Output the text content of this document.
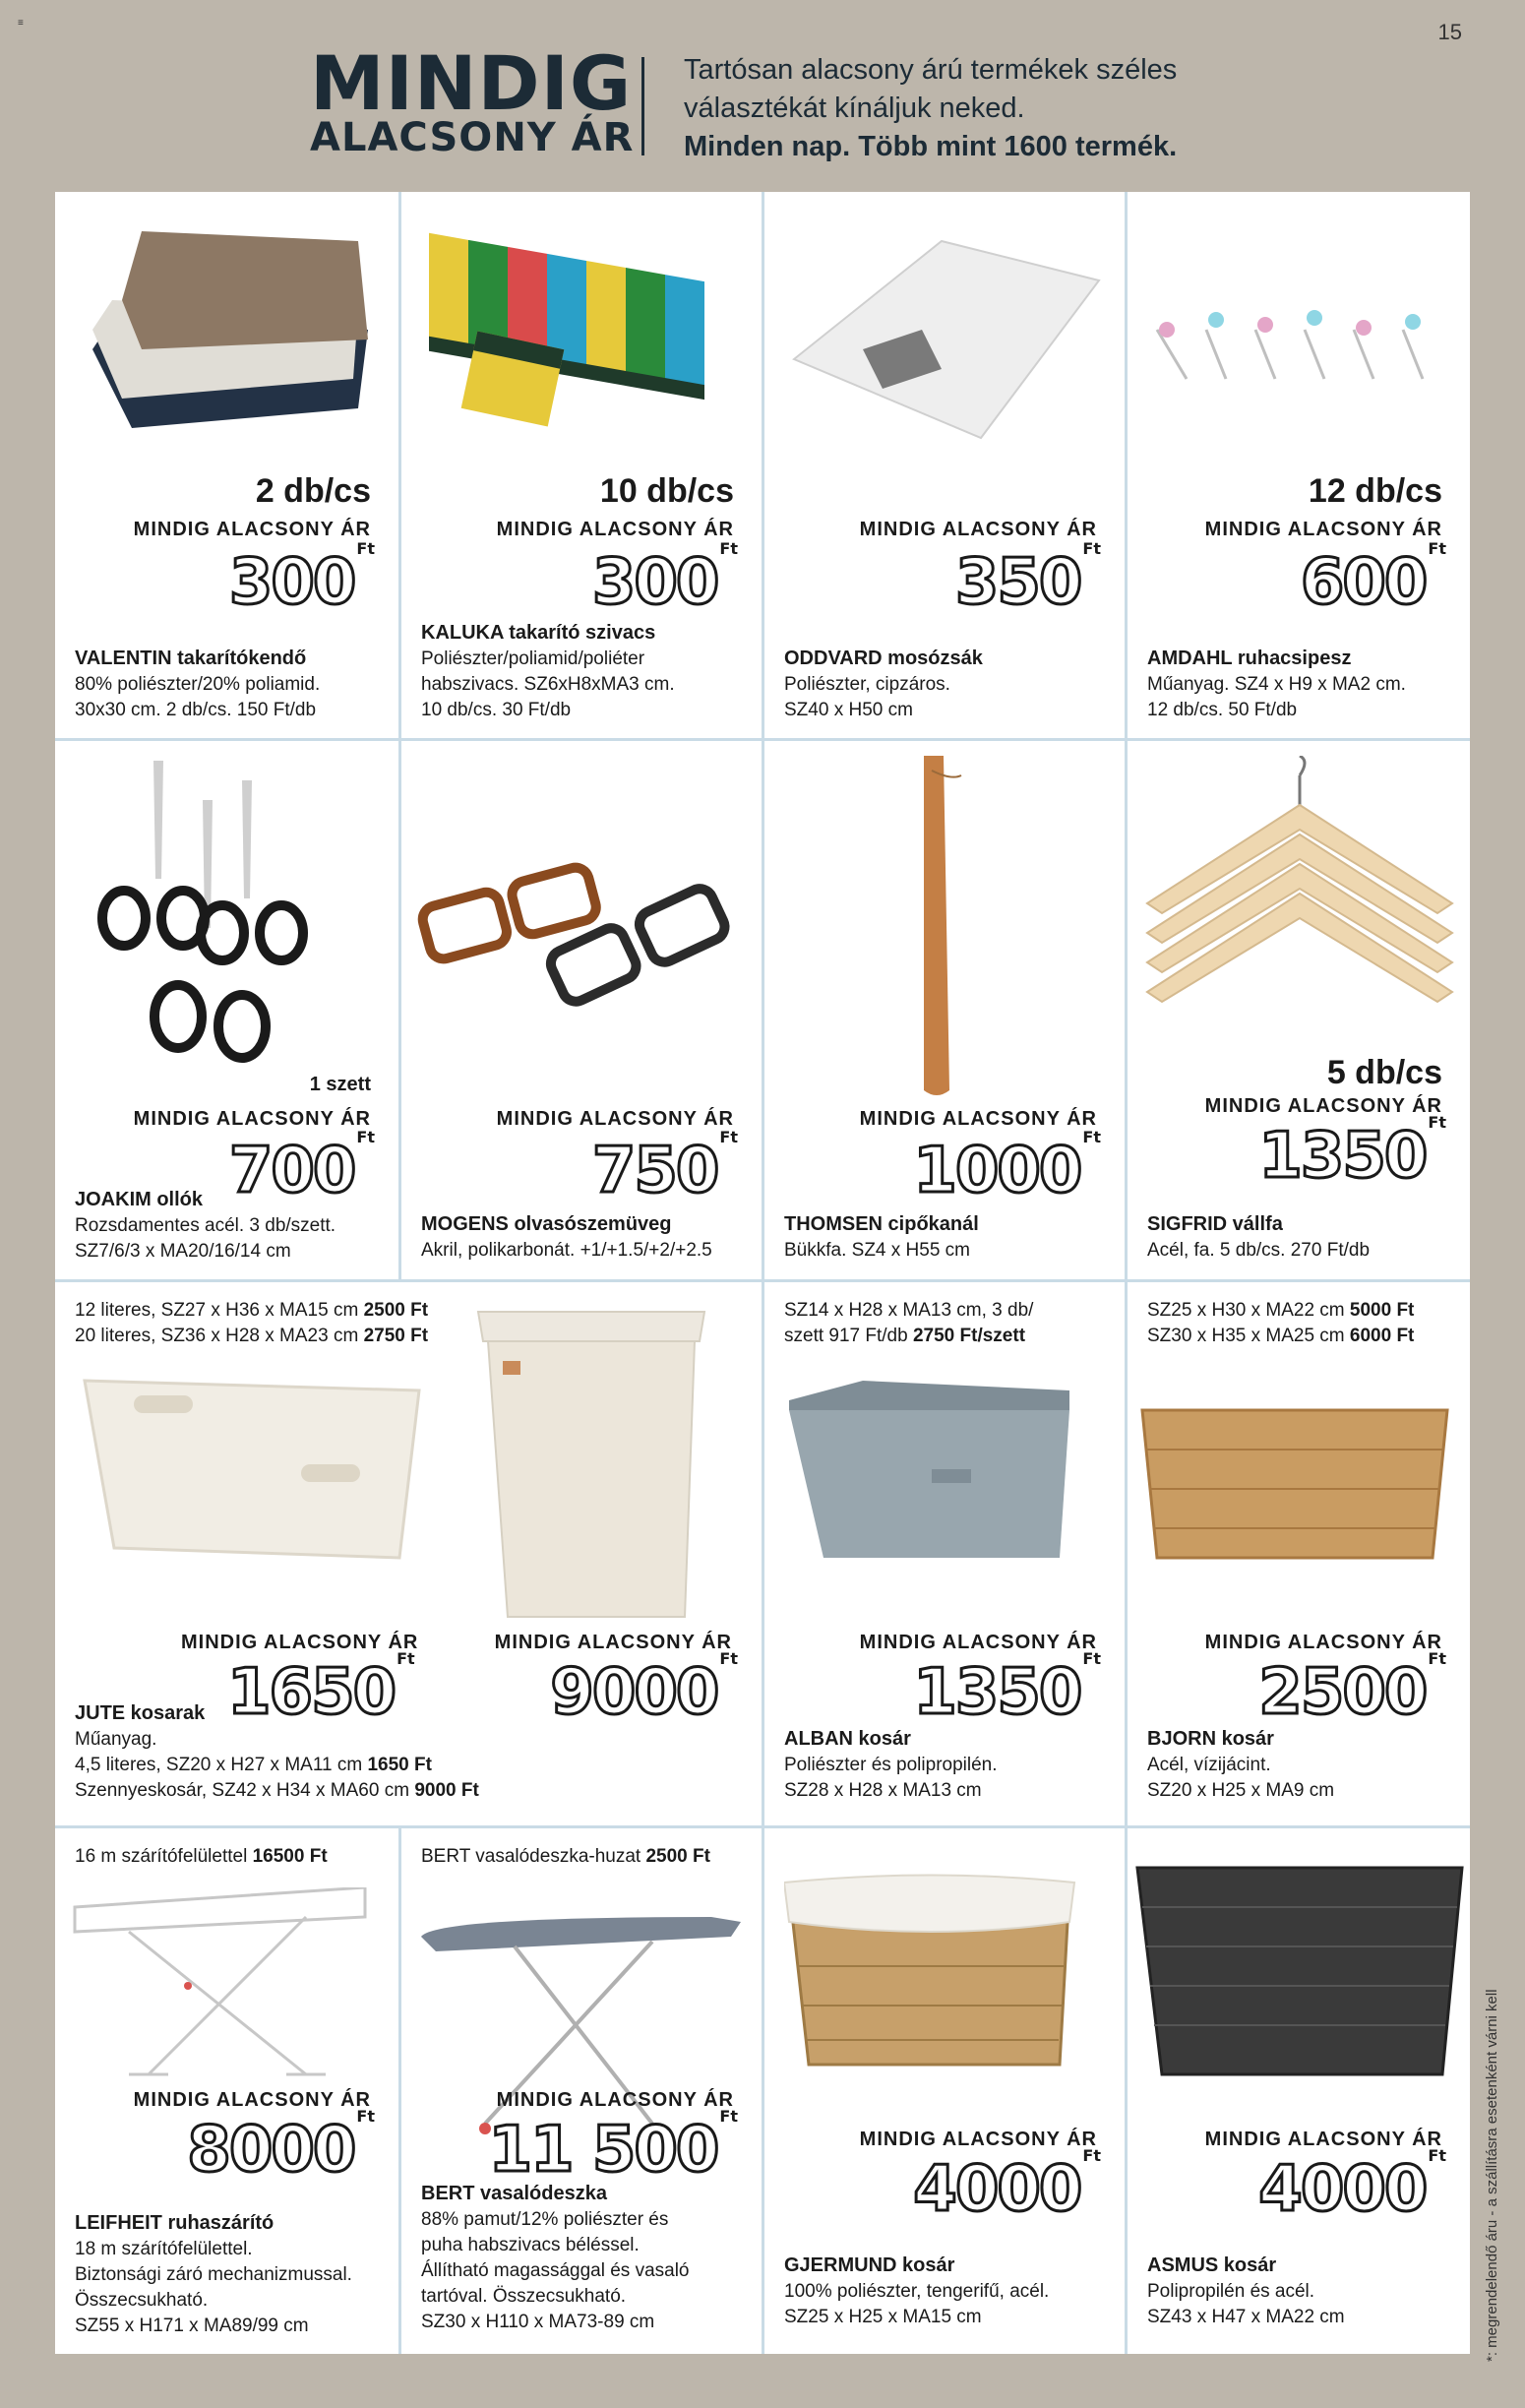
≡	15
MINDIG
ALACSONY ÁR
Tartósan alacsony árú termékek széles
választékát kínáljuk neked.
Minden nap. Több mint 1600 termék.
2 db/cs
MINDIG ALACSONY ÁR
300 $^{Ft}$
VALENTIN takarítókendő
80% poliészter/20% poliamid.
30x30 cm. 2 db/cs. 150 Ft/db
10 db/cs
MINDIG ALACSONY ÁR
300 $^{Ft}$
KALUKA takarító szivacs
Poliészter/poliamid/poliéter
habszivacs. SZ6xH8xMA3 cm.
10 db/cs. 30 Ft/db
MINDIG ALACSONY ÁR
350 $^{Ft}$
ODDVARD mosózsák
Poliészter, cipzáros.
SZ40 x H50 cm
12 db/cs
MINDIG ALACSONY ÁR
600 $^{Ft}$
AMDAHL ruhacsipesz
Műanyag. SZ4 x H9 x MA2 cm.
12 db/cs. 50 Ft/db
1 szett
MINDIG ALACSONY ÁR
700 $^{Ft}$
JOAKIM ollók
Rozsdamentes acél. 3 db/szett.
SZ7/6/3 x MA20/16/14 cm
MINDIG ALACSONY ÁR
750 $^{Ft}$
MOGENS olvasószemüveg
Akril, polikarbonát. +1/+1.5/+2/+2.5
MINDIG ALACSONY ÁR
1000 $^{Ft}$
THOMSEN cipőkanál
Bükkfa. SZ4 x H55 cm
5 db/cs
MINDIG ALACSONY ÁR
1350 $^{Ft}$
SIGFRID vállfa
Acél, fa. 5 db/cs. 270 Ft/db
12 literes, SZ27 x H36 x MA15 cm 2500 Ft
20 literes, SZ36 x H28 x MA23 cm 2750 Ft
MINDIG ALACSONY ÁR	MINDIG ALACSONY ÁR
1650 $^{Ft}$ 9000 $^{Ft}$
JUTE kosarak
Műanyag.
4,5 literes, SZ20 x H27 x MA11 cm 1650 Ft
Szennyeskosár, SZ42 x H34 x MA60 cm 9000 Ft
SZ14 x H28 x MA13 cm, 3 db/
szett 917 Ft/db 2750 Ft/szett
MINDIG ALACSONY ÁR
1350 $^{Ft}$
ALBAN kosár
Poliészter és polipropilén.
SZ28 x H28 x MA13 cm
SZ25 x H30 x MA22 cm 5000 Ft
SZ30 x H35 x MA25 cm 6000 Ft
MINDIG ALACSONY ÁR
2500 $^{Ft}$
BJORN kosár
Acél, vízijácint.
SZ20 x H25 x MA9 cm
16 m szárítófelülettel 16500 Ft
MINDIG ALACSONY ÁR
8000 $^{Ft}$
LEIFHEIT ruhaszárító
18 m szárítófelülettel.
Biztonsági záró mechanizmussal.
Összecsukható.
SZ55 x H171 x MA89/99 cm
BERT vasalódeszka-huzat 2500 Ft
MINDIG ALACSONY ÁR
11 500 $^{Ft}$
BERT vasalódeszka
88% pamut/12% poliészter és
puha habszivacs béléssel.
Állítható magassággal és vasaló
tartóval. Összecsukható.
SZ30 x H110 x MA73-89 cm
MINDIG ALACSONY ÁR
4000 $^{Ft}$
GJERMUND kosár
100% poliészter, tengerifű, acél.
SZ25 x H25 x MA15 cm
MINDIG ALACSONY ÁR
4000 $^{Ft}$
ASMUS kosár
Polipropilén és acél.
SZ43 x H47 x MA22 cm	*: megrendelendő áru - a szállításra esetenként várni kell
